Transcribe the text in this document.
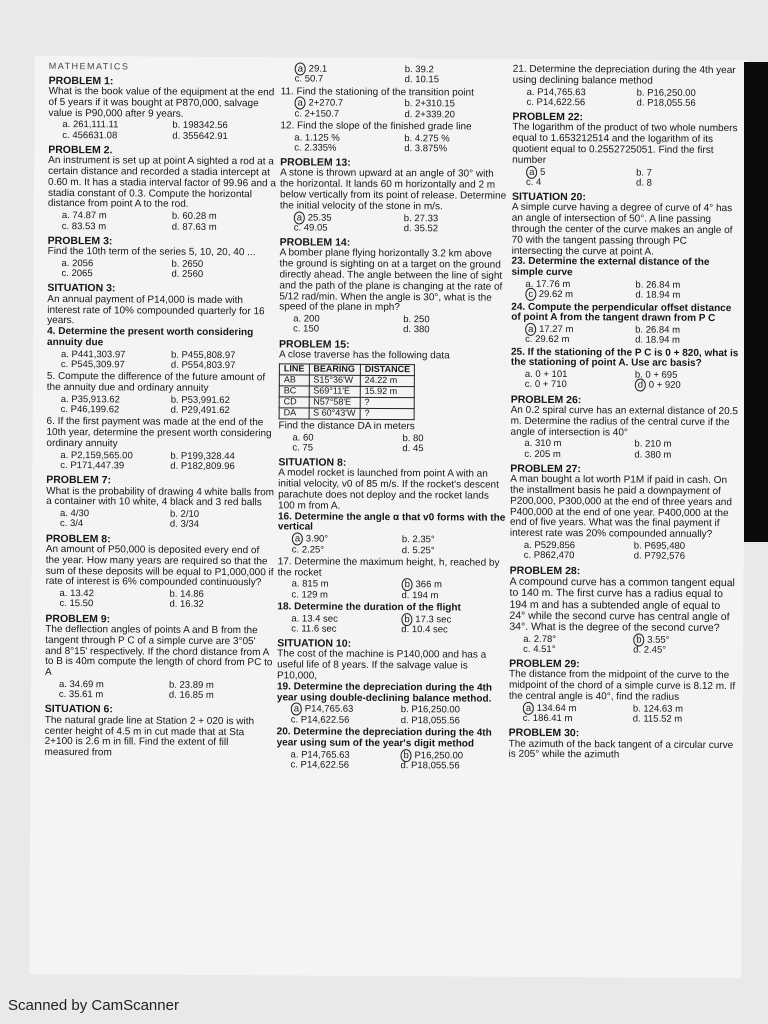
MATHEMATICS
PROBLEM 1:

What is the book value of the equipment at the end of 5 years if it was bought at P870,000, salvage value is P90,000 after 9 years.

a. 261,111.11	b. 198342.56
c. 456631.08	d. 355642.91
PROBLEM 2.

An instrument is set up at point A sighted a rod at a certain distance and recorded a stadia intercept at 0.60 m. It has a stadia interval factor of 99.96 and a stadia constant of 0.3. Compute the horizontal distance from point A to the rod.

a. 74.87 m	b. 60.28 m
c. 83.53 m	d. 87.63 m
PROBLEM 3:

Find the 10th term of the series 5, 10, 20, 40 ...

a. 2056	b. 2650
c. 2065	d. 2560
SITUATION 3:

An annual payment of P14,000 is made with interest rate of 10% compounded quarterly for 16 years.

4. Determine the present worth considering annuity due

a. P441,303.97	b. P455,808.97
c. P545,309.97	d. P554,803.97

5. Compute the difference of the future amount of the annuity due and ordinary annuity

a. P35,913.62	b. P53,991.62
c. P46,199.62	d. P29,491.62

6. If the first payment was made at the end of the 10th year, determine the present worth considering ordinary annuity

a. P2,159,565.00	b. P199,328.44
c. P171,447.39	d. P182,809.96
PROBLEM 7:

What is the probability of drawing 4 white balls from a container with 10 white, 4 black and 3 red balls

a. 4/30	b. 2/10
c. 3/4	d. 3/34
PROBLEM 8:

An amount of P50,000 is deposited every end of the year. How many years are required so that the sum of these deposits will be equal to P1,000,000 if rate of interest is 6% compounded continuously?

a. 13.42	b. 14.86
c. 15.50	d. 16.32
PROBLEM 9:

The deflection angles of points A and B from the tangent through P C of a simple curve are 3°05' and 8°15' respectively. If the chord distance from A to B is 40m compute the length of chord from PC to A

a. 34.69 m	b. 23.89 m
c. 35.61 m	d. 16.85 m
SITUATION 6:

The natural grade line at Station 2 + 020 is with center height of 4.5 m in cut made that at Sta 2+100 is 2.6 m in fill. Find the extent of fill measured from

a 29.1	b. 39.2
c. 50.7	d. 10.15

11. Find the stationing of the transition point

a 2+270.7	b. 2+310.15
c. 2+150.7	d. 2+339.20

12. Find the slope of the finished grade line

a. 1.125 %	b. 4.275 %
c. 2.335%	d. 3.875%
PROBLEM 13:

A stone is thrown upward at an angle of 30° with the horizontal. It lands 60 m horizontally and 2 m below vertically from its point of release. Determine the initial velocity of the stone in m/s.

a 25.35	b. 27.33
c. 49.05	d. 35.52
PROBLEM 14:

A bomber plane flying horizontally 3.2 km above the ground is sighting on at a target on the ground directly ahead. The angle between the line of sight and the path of the plane is changing at the rate of 5/12 rad/min. When the angle is 30°, what is the speed of the plane in mph?

a. 200	b. 250
c. 150	d. 380
PROBLEM 15:

A close traverse has the following data

LINE	BEARING	DISTANCE
AB	S15°36'W	24.22 m
BC	S69°11'E	15.92 m
CD	N57°58'E	?
DA	S 60°43'W	?

Find the distance DA in meters

a. 60	b. 80
c. 75	d. 45
SITUATION 8:

A model rocket is launched from point A with an initial velocity, v0 of 85 m/s. If the rocket's descent parachute does not deploy and the rocket lands 100 m from A.

16. Determine the angle α that v0 forms with the vertical

a 3.90°	b. 2.35°
c. 2.25°	d. 5.25°

17. Determine the maximum height, h, reached by the rocket

a. 815 m	b 366 m
c. 129 m	d. 194 m

18. Determine the duration of the flight

a. 13.4 sec	b 17.3 sec
c. 11.6 sec	d. 10.4 sec
SITUATION 10:

The cost of the machine is P140,000 and has a useful life of 8 years. If the salvage value is P10,000,

19. Determine the depreciation during the 4th year using double-declining balance method.

a P14,765.63	b. P16,250.00
c. P14,622.56	d. P18,055.56

20. Determine the depreciation during the 4th year using sum of the year's digit method

a. P14,765.63	b P16,250.00
c. P14,622.56	d. P18,055.56

21. Determine the depreciation during the 4th year using declining balance method

a. P14,765.63	b. P16,250.00
c. P14,622.56	d. P18,055.56
PROBLEM 22:

The logarithm of the product of two whole numbers equal to 1.653212514 and the logarithm of its quotient equal to 0.2552725051. Find the first number

a 5	b. 7
c. 4	d. 8
SITUATION 20:

A simple curve having a degree of curve of 4° has an angle of intersection of 50°. A line passing through the center of the curve makes an angle of 70 with the tangent passing through PC intersecting the curve at point A.

23. Determine the external distance of the simple curve

a. 17.76 m	b. 26.84 m
c 29.62 m	d. 18.94 m

24. Compute the perpendicular offset distance of point A from the tangent drawn from P C

a 17.27 m	b. 26.84 m
c. 29.62 m	d. 18.94 m

25. If the stationing of the P C is 0 + 820, what is the stationing of point A. Use arc basis?

a. 0 + 101	b. 0 + 695
c. 0 + 710	d 0 + 920
PROBLEM 26:

An 0.2 spiral curve has an external distance of 20.5 m. Determine the radius of the central curve if the angle of intersection is 40°

a. 310 m	b. 210 m
c. 205 m	d. 380 m
PROBLEM 27:

A man bought a lot worth P1M if paid in cash. On the installment basis he paid a downpayment of P200,000, P300,000 at the end of three years and P400,000 at the end of one year. P400,000 at the end of five years. What was the final payment if interest rate was 20% compounded annually?

a. P529,856	b. P695,480
c. P862,470	d. P792,576
PROBLEM 28:

A compound curve has a common tangent equal to 140 m. The first curve has a radius equal to 194 m and has a subtended angle of equal to 24° while the second curve has central angle of 34°. What is the degree of the second curve?

a. 2.78°	b 3.55°
c. 4.51°	d. 2.45°
PROBLEM 29:

The distance from the midpoint of the curve to the midpoint of the chord of a simple curve is 8.12 m. If the central angle is 40°, find the radius

a 134.64 m	b. 124.63 m
c. 186.41 m	d. 115.52 m
PROBLEM 30:

The azimuth of the back tangent of a circular curve is 205° while the azimuth

Scanned by CamScanner
